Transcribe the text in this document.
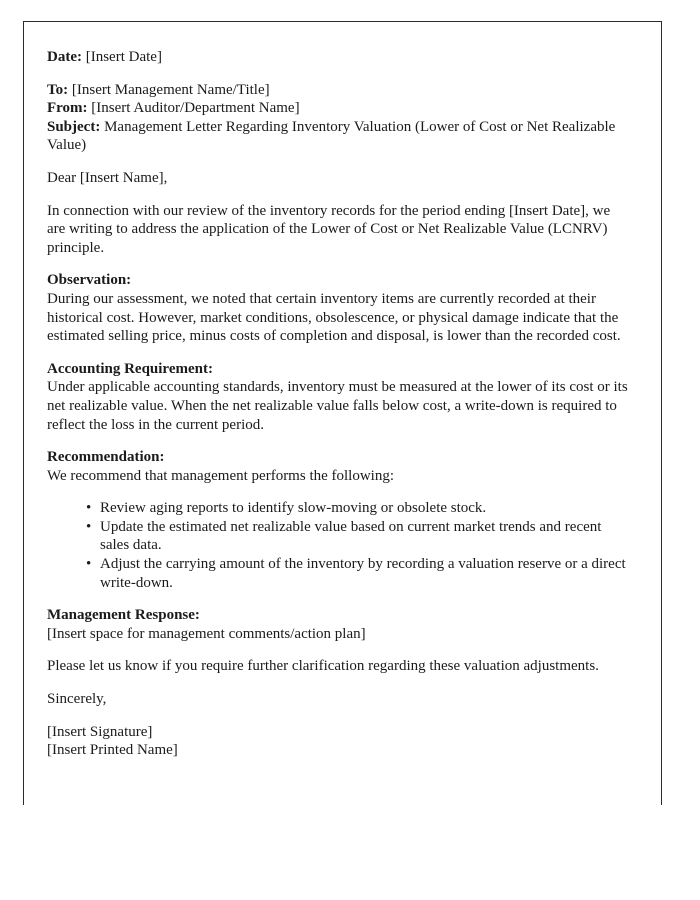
Date: [Insert Date]

To: [Insert Management Name/Title]
From: [Insert Auditor/Department Name]
Subject: Management Letter Regarding Inventory Valuation (Lower of Cost or Net Realizable Value)

Dear [Insert Name],

In connection with our review of the inventory records for the period ending [Insert Date], we are writing to address the application of the Lower of Cost or Net Realizable Value (LCNRV) principle.

Observation:

During our assessment, we noted that certain inventory items are currently recorded at their historical cost. However, market conditions, obsolescence, or physical damage indicate that the estimated selling price, minus costs of completion and disposal, is lower than the recorded cost.

Accounting Requirement:

Under applicable accounting standards, inventory must be measured at the lower of its cost or its net realizable value. When the net realizable value falls below cost, a write-down is required to reflect the loss in the current period.

Recommendation:

We recommend that management performs the following:

• Review aging reports to identify slow-moving or obsolete stock.
• Update the estimated net realizable value based on current market trends and recent sales data.
• Adjust the carrying amount of the inventory by recording a valuation reserve or a direct write-down.
Management Response:

[Insert space for management comments/action plan]

Please let us know if you require further clarification regarding these valuation adjustments.

Sincerely,

[Insert Signature]
[Insert Printed Name]
